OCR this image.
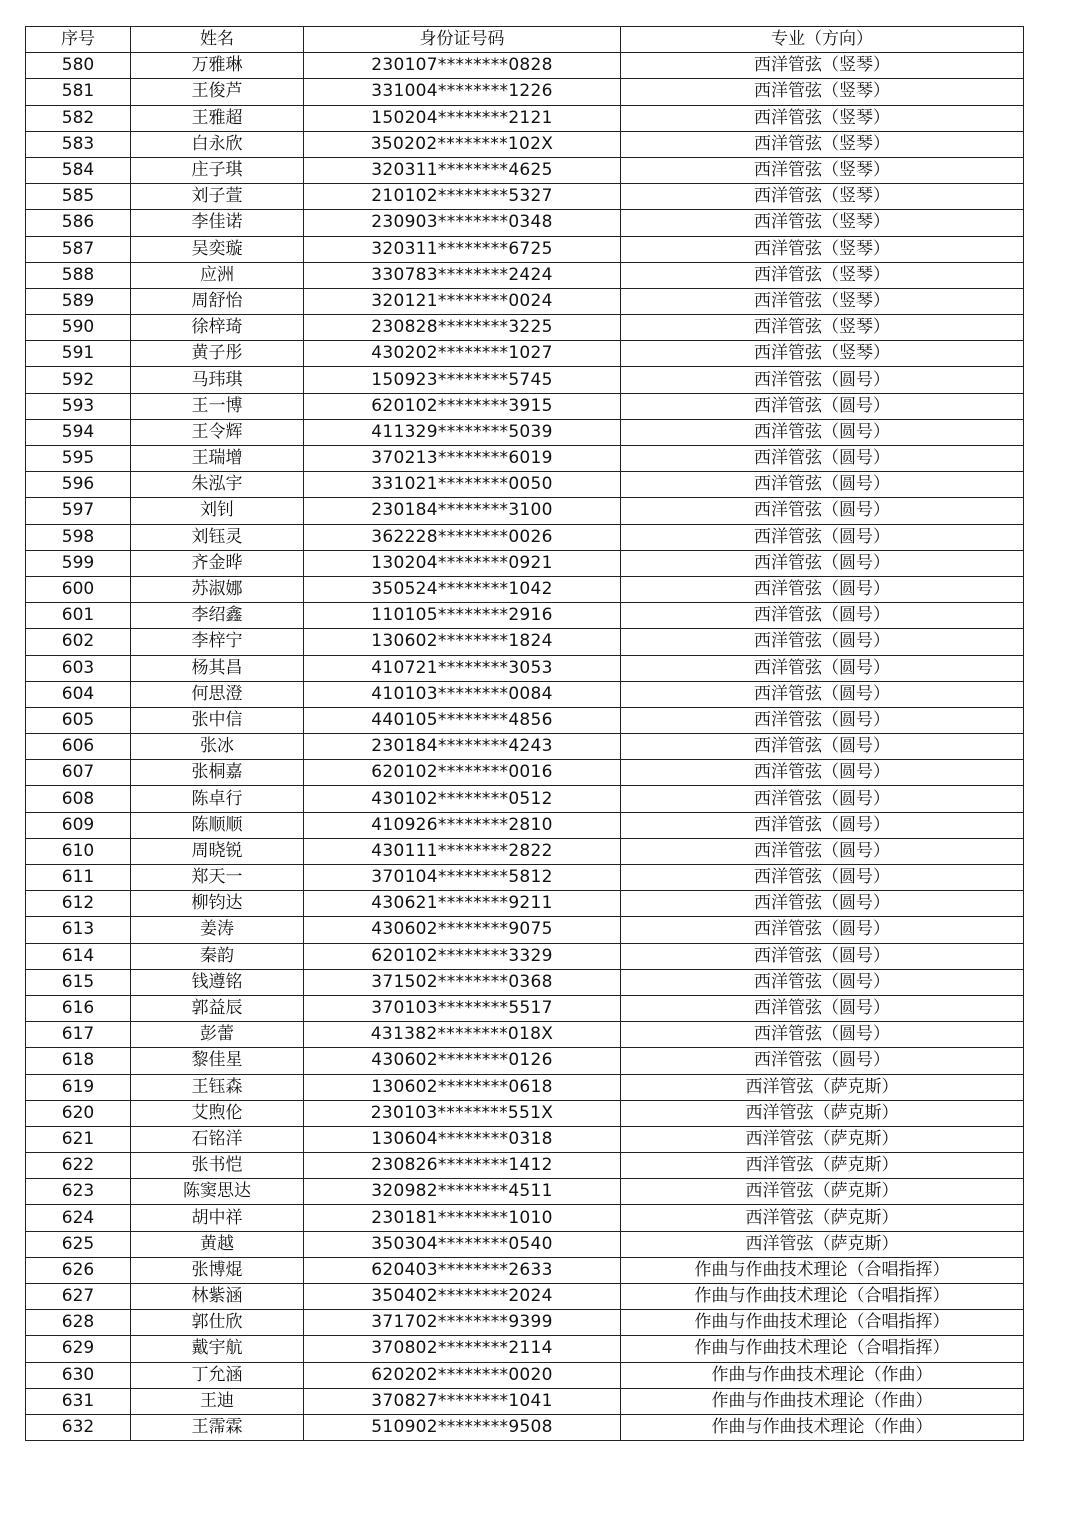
序号	姓名	身份证号码	专业（方向）
580	万雅琳	230107********0828	西洋管弦（竖琴）
581	王俊芦	331004********1226	西洋管弦（竖琴）
582	王雅超	150204********2121	西洋管弦（竖琴）
583	白永欣	350202********102X	西洋管弦（竖琴）
584	庄子琪	320311********4625	西洋管弦（竖琴）
585	刘子萱	210102********5327	西洋管弦（竖琴）
586	李佳诺	230903********0348	西洋管弦（竖琴）
587	吴奕璇	320311********6725	西洋管弦（竖琴）
588	应洲	330783********2424	西洋管弦（竖琴）
589	周舒怡	320121********0024	西洋管弦（竖琴）
590	徐梓琦	230828********3225	西洋管弦（竖琴）
591	黄子彤	430202********1027	西洋管弦（竖琴）
592	马玮琪	150923********5745	西洋管弦（圆号）
593	王一博	620102********3915	西洋管弦（圆号）
594	王令辉	411329********5039	西洋管弦（圆号）
595	王瑞增	370213********6019	西洋管弦（圆号）
596	朱泓宇	331021********0050	西洋管弦（圆号）
597	刘钊	230184********3100	西洋管弦（圆号）
598	刘钰灵	362228********0026	西洋管弦（圆号）
599	齐金晔	130204********0921	西洋管弦（圆号）
600	苏淑娜	350524********1042	西洋管弦（圆号）
601	李绍鑫	110105********2916	西洋管弦（圆号）
602	李梓宁	130602********1824	西洋管弦（圆号）
603	杨其昌	410721********3053	西洋管弦（圆号）
604	何思澄	410103********0084	西洋管弦（圆号）
605	张中信	440105********4856	西洋管弦（圆号）
606	张冰	230184********4243	西洋管弦（圆号）
607	张桐嘉	620102********0016	西洋管弦（圆号）
608	陈卓行	430102********0512	西洋管弦（圆号）
609	陈顺顺	410926********2810	西洋管弦（圆号）
610	周晓锐	430111********2822	西洋管弦（圆号）
611	郑天一	370104********5812	西洋管弦（圆号）
612	柳钧达	430621********9211	西洋管弦（圆号）
613	姜涛	430602********9075	西洋管弦（圆号）
614	秦韵	620102********3329	西洋管弦（圆号）
615	钱遵铭	371502********0368	西洋管弦（圆号）
616	郭益辰	370103********5517	西洋管弦（圆号）
617	彭蕾	431382********018X	西洋管弦（圆号）
618	黎佳星	430602********0126	西洋管弦（圆号）
619	王钰森	130602********0618	西洋管弦（萨克斯）
620	艾煦伦	230103********551X	西洋管弦（萨克斯）
621	石铭洋	130604********0318	西洋管弦（萨克斯）
622	张书恺	230826********1412	西洋管弦（萨克斯）
623	陈窦思达	320982********4511	西洋管弦（萨克斯）
624	胡中祥	230181********1010	西洋管弦（萨克斯）
625	黄越	350304********0540	西洋管弦（萨克斯）
626	张博焜	620403********2633	作曲与作曲技术理论（合唱指挥）
627	林紫涵	350402********2024	作曲与作曲技术理论（合唱指挥）
628	郭仕欣	371702********9399	作曲与作曲技术理论（合唱指挥）
629	戴宇航	370802********2114	作曲与作曲技术理论（合唱指挥）
630	丁允涵	620202********0020	作曲与作曲技术理论（作曲）
631	王迪	370827********1041	作曲与作曲技术理论（作曲）
632	王霈霖	510902********9508	作曲与作曲技术理论（作曲）
